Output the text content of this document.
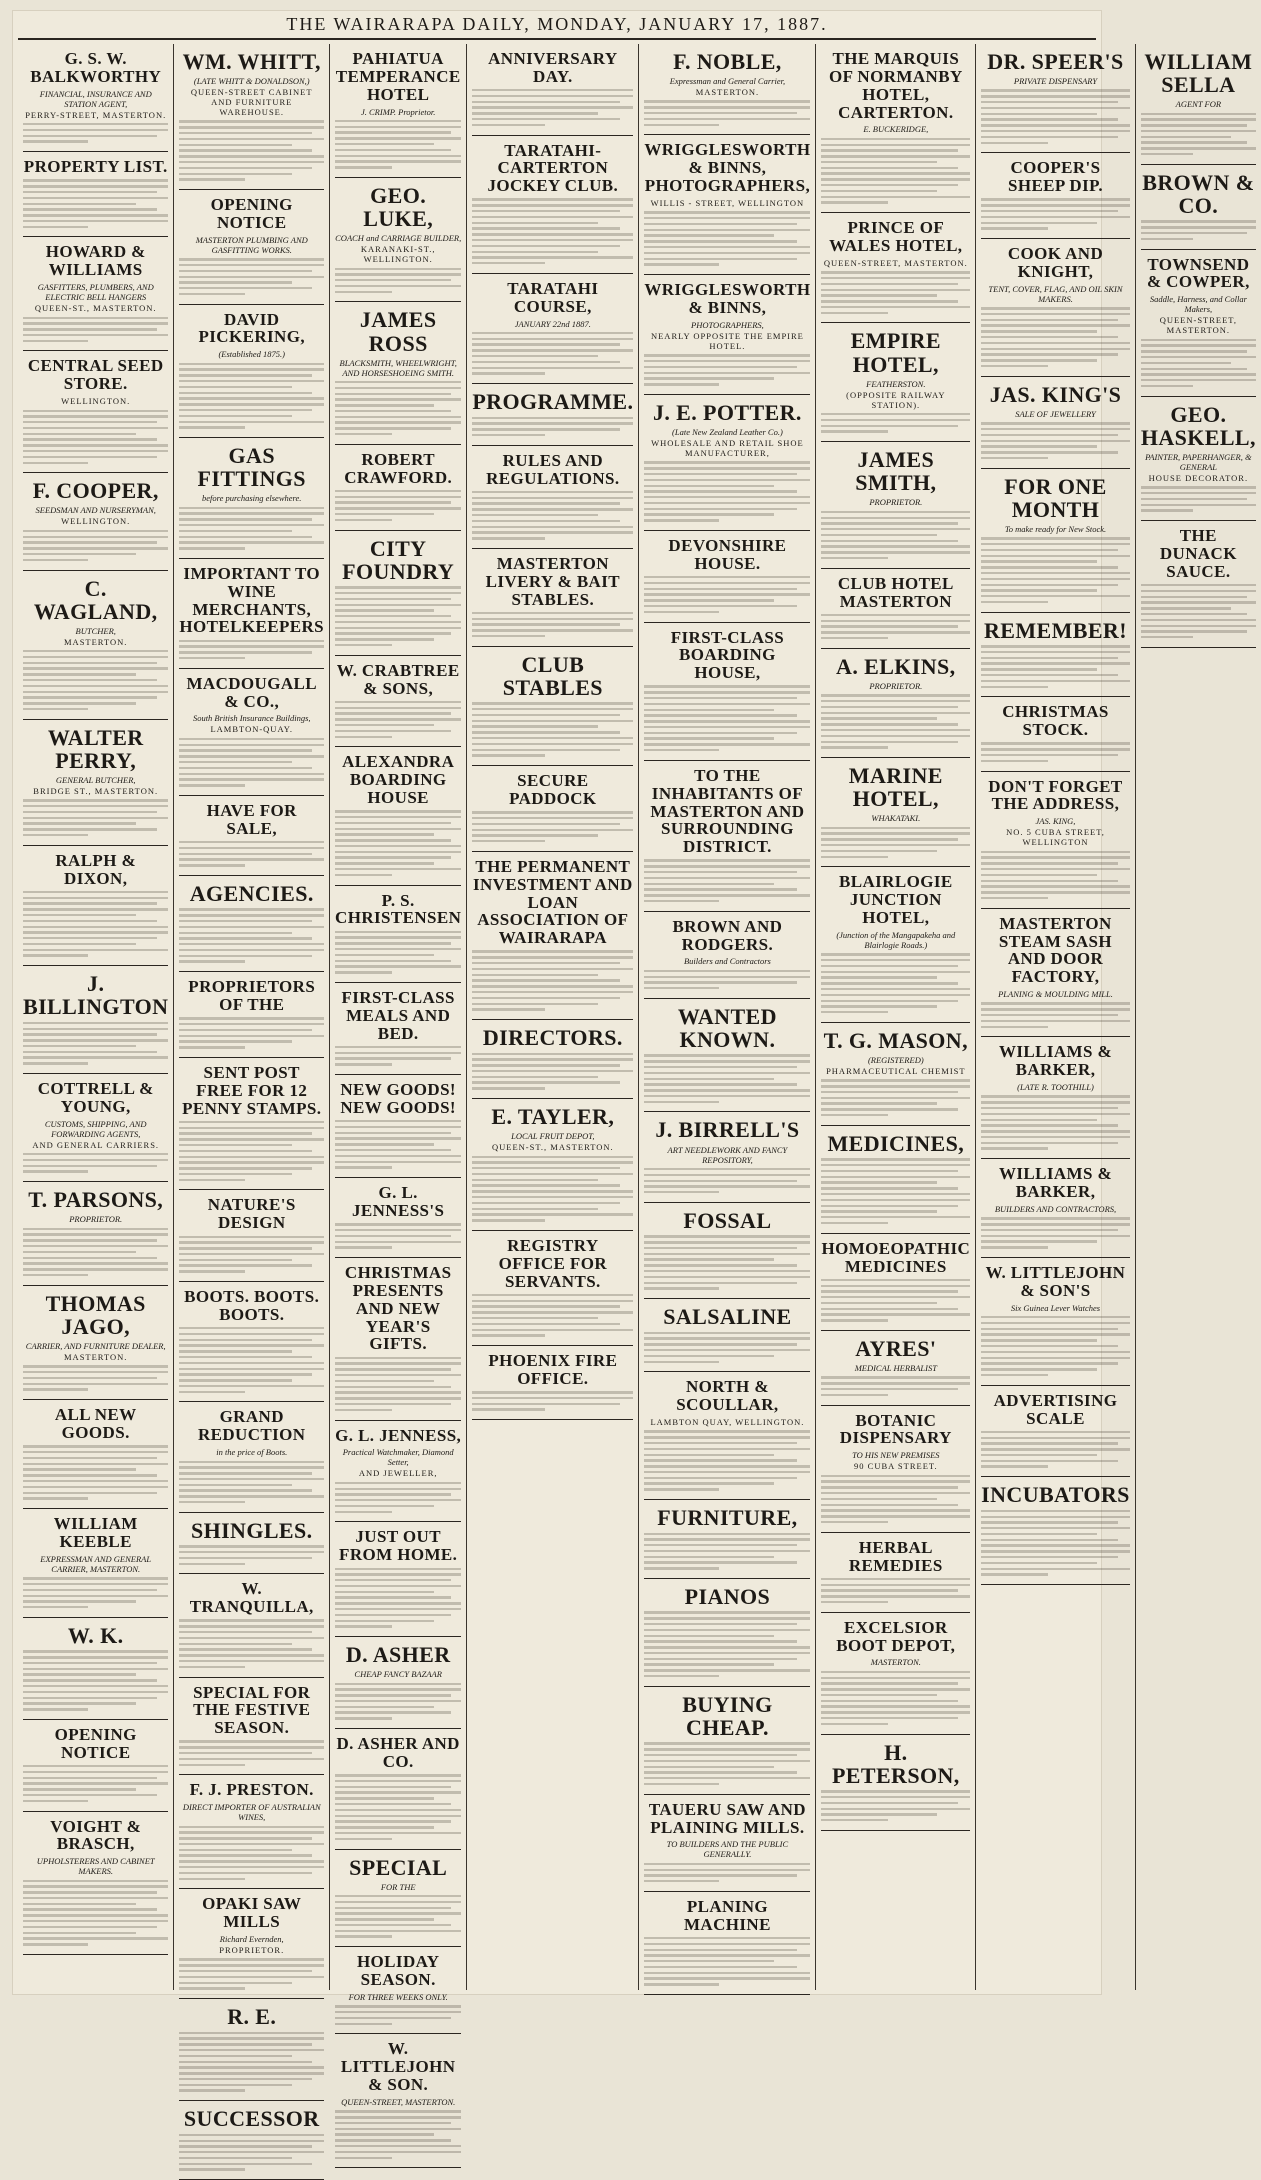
THE WAIRARAPA DAILY, MONDAY, JANUARY 17, 1887.
G. S. W. BALKWORTHY
FINANCIAL, INSURANCE AND STATION AGENT,
PERRY-STREET, MASTERTON.
PROPERTY LIST.
HOWARD & WILLIAMS
GASFITTERS, PLUMBERS, AND ELECTRIC BELL HANGERS
QUEEN-ST., MASTERTON.
CENTRAL SEED STORE.
WELLINGTON.
F. COOPER,
SEEDSMAN AND NURSERYMAN,
WELLINGTON.
C. WAGLAND,
BUTCHER,
MASTERTON.
WALTER PERRY,
GENERAL BUTCHER,
BRIDGE ST., MASTERTON.
RALPH & DIXON,
J. BILLINGTON
COTTRELL & YOUNG,
CUSTOMS, SHIPPING, AND FORWARDING AGENTS,
AND GENERAL CARRIERS.
T. PARSONS,
PROPRIETOR.
THOMAS JAGO,
CARRIER, AND FURNITURE DEALER,
MASTERTON.
ALL NEW GOODS.
WILLIAM KEEBLE
EXPRESSMAN AND GENERAL CARRIER, MASTERTON.
W. K.
OPENING NOTICE
VOIGHT & BRASCH,
UPHOLSTERERS AND CABINET MAKERS.
WM. WHITT,
(LATE WHITT & DONALDSON,)
QUEEN-STREET CABINET AND FURNITURE WAREHOUSE.
OPENING NOTICE
MASTERTON PLUMBING AND GASFITTING WORKS.
DAVID PICKERING,
(Established 1875.)
GAS FITTINGS
before purchasing elsewhere.
IMPORTANT TO WINE MERCHANTS, HOTELKEEPERS
MACDOUGALL & CO.,
South British Insurance Buildings,
LAMBTON-QUAY.
HAVE FOR SALE,
AGENCIES.
PROPRIETORS OF THE
SENT POST FREE FOR 12 PENNY STAMPS.
NATURE'S DESIGN
BOOTS. BOOTS. BOOTS.
GRAND REDUCTION
in the price of Boots.
SHINGLES.
W. TRANQUILLA,
SPECIAL FOR THE FESTIVE SEASON.
F. J. PRESTON.
DIRECT IMPORTER OF AUSTRALIAN WINES,
OPAKI SAW MILLS
Richard Evernden,
PROPRIETOR.
R. E.
SUCCESSOR
PAHIATUA TEMPERANCE HOTEL
J. CRIMP. Proprietor.
GEO. LUKE,
COACH and CARRIAGE BUILDER,
KARANAKI-ST., WELLINGTON.
JAMES ROSS
BLACKSMITH, WHEELWRIGHT, AND HORSESHOEING SMITH.
ROBERT CRAWFORD.
CITY FOUNDRY
W. CRABTREE & SONS,
ALEXANDRA BOARDING HOUSE
P. S. CHRISTENSEN
FIRST-CLASS MEALS AND BED.
NEW GOODS! NEW GOODS!
G. L. JENNESS'S
CHRISTMAS PRESENTS AND NEW YEAR'S GIFTS.
G. L. JENNESS,
Practical Watchmaker, Diamond Setter,
AND JEWELLER,
JUST OUT FROM HOME.
D. ASHER
CHEAP FANCY BAZAAR
D. ASHER AND CO.
SPECIAL
FOR THE
HOLIDAY SEASON.
FOR THREE WEEKS ONLY.
W. LITTLEJOHN & SON.
QUEEN-STREET, MASTERTON.
ANNIVERSARY DAY.
TARATAHI-CARTERTON JOCKEY CLUB.
TARATAHI COURSE,
JANUARY 22nd 1887.
PROGRAMME.
RULES AND REGULATIONS.
MASTERTON LIVERY & BAIT STABLES.
CLUB STABLES
SECURE PADDOCK
THE PERMANENT INVESTMENT AND LOAN ASSOCIATION OF WAIRARAPA
DIRECTORS.
E. TAYLER,
LOCAL FRUIT DEPOT,
QUEEN-ST., MASTERTON.
REGISTRY OFFICE FOR SERVANTS.
PHOENIX FIRE OFFICE.
F. NOBLE,
Expressman and General Carrier,
MASTERTON.
WRIGGLESWORTH & BINNS, PHOTOGRAPHERS,
WILLIS - STREET, WELLINGTON
WRIGGLESWORTH & BINNS,
PHOTOGRAPHERS,
NEARLY OPPOSITE THE EMPIRE HOTEL.
J. E. POTTER.
(Late New Zealand Leather Co.)
WHOLESALE AND RETAIL SHOE MANUFACTURER,
DEVONSHIRE HOUSE.
FIRST-CLASS BOARDING HOUSE,
TO THE INHABITANTS OF MASTERTON AND SURROUNDING DISTRICT.
BROWN AND RODGERS.
Builders and Contractors
WANTED KNOWN.
J. BIRRELL'S
ART NEEDLEWORK AND FANCY REPOSITORY,
FOSSAL
SALSALINE
NORTH & SCOULLAR,
LAMBTON QUAY, WELLINGTON.
FURNITURE,
PIANOS
BUYING CHEAP.
TAUERU SAW AND PLAINING MILLS.
TO BUILDERS AND THE PUBLIC GENERALLY.
PLANING MACHINE
THE MARQUIS OF NORMANBY HOTEL, CARTERTON.
E. BUCKERIDGE,
PRINCE OF WALES HOTEL,
QUEEN-STREET, MASTERTON.
EMPIRE HOTEL,
FEATHERSTON.
(OPPOSITE RAILWAY STATION).
JAMES SMITH,
PROPRIETOR.
CLUB HOTEL MASTERTON
A. ELKINS,
PROPRIETOR.
MARINE HOTEL,
WHAKATAKI.
BLAIRLOGIE JUNCTION HOTEL,
(Junction of the Mangapakeha and Blairlogie Roads.)
T. G. MASON,
(REGISTERED)
PHARMACEUTICAL CHEMIST
MEDICINES,
HOMOEOPATHIC MEDICINES
AYRES'
MEDICAL HERBALIST
BOTANIC DISPENSARY
TO HIS NEW PREMISES
90 CUBA STREET.
HERBAL REMEDIES
EXCELSIOR BOOT DEPOT,
MASTERTON.
H. PETERSON,
DR. SPEER'S
PRIVATE DISPENSARY
COOPER'S SHEEP DIP.
COOK AND KNIGHT,
TENT, COVER, FLAG, AND OIL SKIN MAKERS.
JAS. KING'S
SALE OF JEWELLERY
FOR ONE MONTH
To make ready for New Stock.
REMEMBER!
CHRISTMAS STOCK.
DON'T FORGET THE ADDRESS,
JAS. KING,
NO. 5 CUBA STREET, WELLINGTON
MASTERTON STEAM SASH AND DOOR FACTORY,
PLANING & MOULDING MILL.
WILLIAMS & BARKER,
(LATE R. TOOTHILL)
WILLIAMS & BARKER,
BUILDERS AND CONTRACTORS,
W. LITTLEJOHN & SON'S
Six Guinea Lever Watches
ADVERTISING SCALE
INCUBATORS
WILLIAM SELLA
AGENT FOR
BROWN & CO.
TOWNSEND & COWPER,
Saddle, Harness, and Collar Makers,
QUEEN-STREET, MASTERTON.
GEO. HASKELL,
PAINTER, PAPERHANGER, & GENERAL
HOUSE DECORATOR.
THE DUNACK SAUCE.
